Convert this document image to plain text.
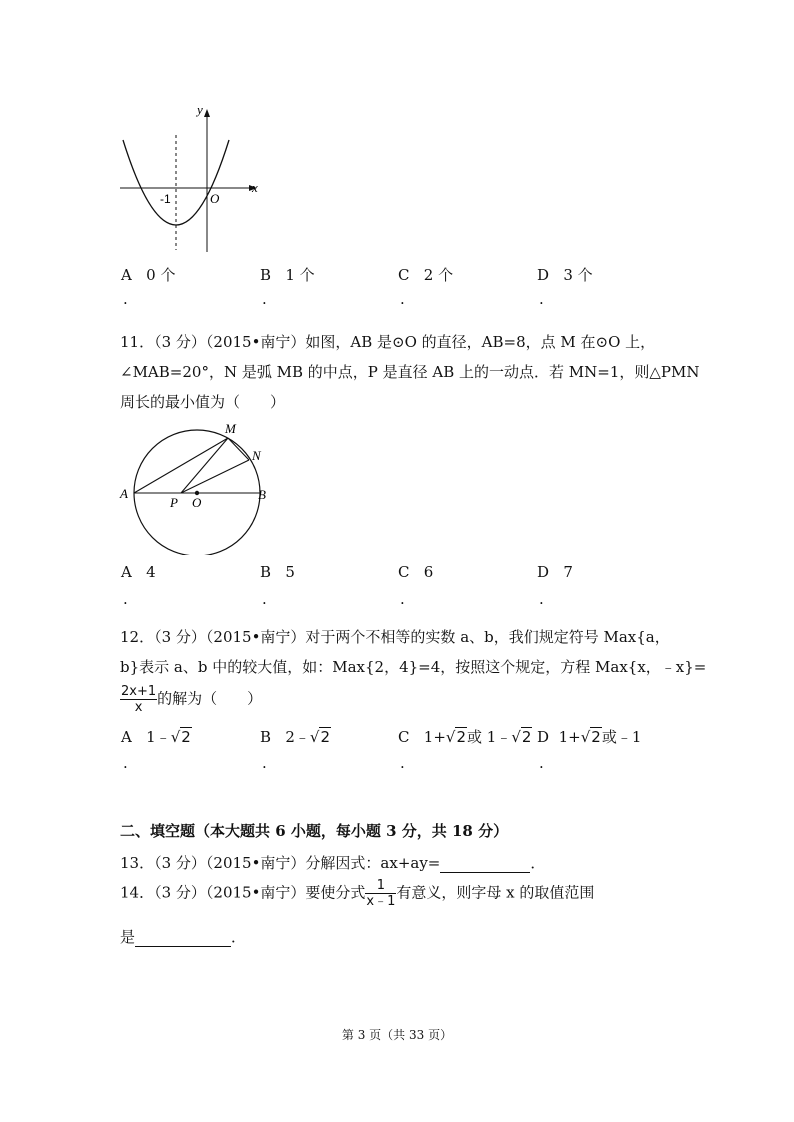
y
x
O
-1
A 0 个	B 1 个	C 2 个	D 3 个
.	.	.	.
11．（3 分）（2015•南宁）如图，AB 是⊙O 的直径，AB=8，点 M 在⊙O 上，
∠MAB=20°，N 是弧 MB 的中点，P 是直径 AB 上的一动点．若 MN=1，则△PMN
周长的最小值为（　　）
A	B
M
N
P O
A 4	B 5	C 6	D 7
.	.	.	.
12．（3 分）（2015•南宁）对于两个不相等的实数 a、b，我们规定符号 Max{a，
b}表示 a、b 中的较大值，如：Max{2，4}=4，按照这个规定，方程 Max{x，﹣x}=
$\frac{2x+1}{x}$ 的解为（　　）
A 1﹣√2	B 2﹣√2	C 1+√2或 1﹣√2 D 1+√2或﹣1
.	.	.	.
二、填空题（本大题共 6 小题，每小题 3 分，共 18 分）
13．（3 分）（2015•南宁）分解因式：ax+ay=	．
14．（3 分）（2015•南宁）要使分式 $\frac{1}{x﹣1}$ 有意义，则字母 x 的取值范围
是	．
第 3 页（共 33 页）
